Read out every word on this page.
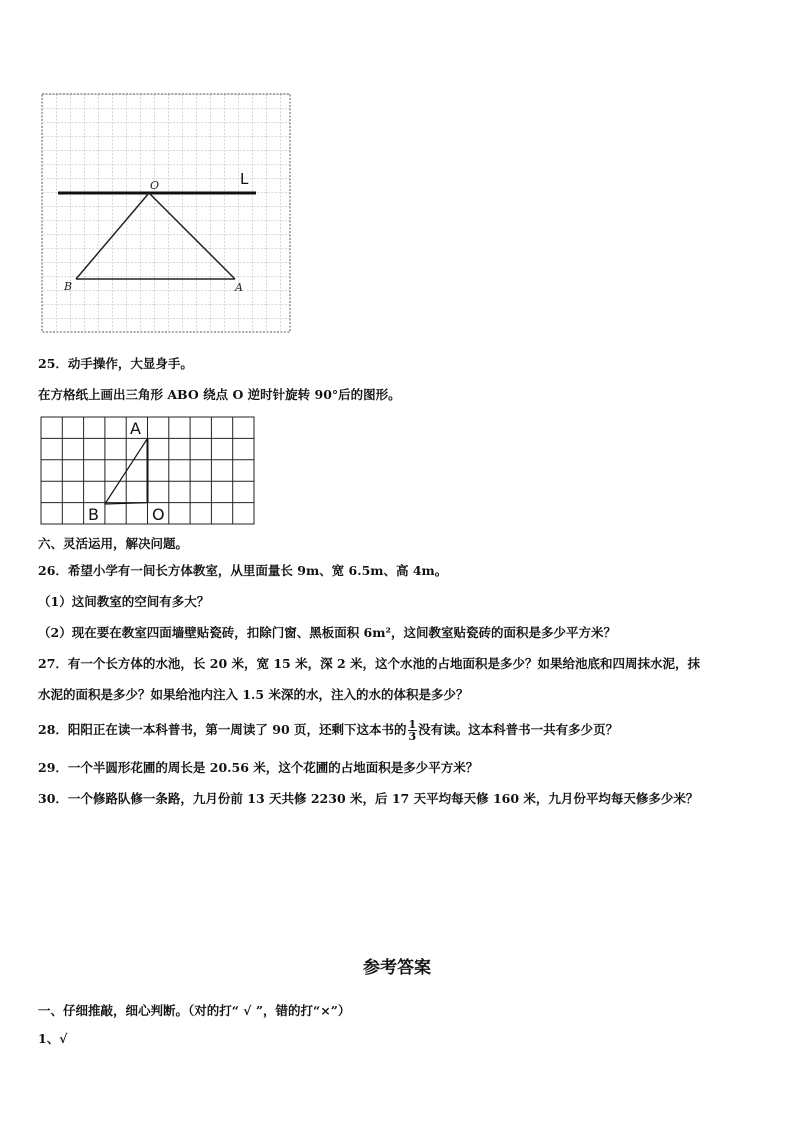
O	L
B	A
25．动手操作，大显身手。
在方格纸上画出三角形 ABO 绕点 O 逆时针旋转 90°后的图形。
A
B	O
六、灵活运用，解决问题。
26．希望小学有一间长方体教室，从里面量长 9m、宽 6.5m、高 4m。
（1）这间教室的空间有多大？
（2）现在要在教室四面墙壁贴瓷砖，扣除门窗、黑板面积 6m²，这间教室贴瓷砖的面积是多少平方米？
27．有一个长方体的水池，长 20 米，宽 15 米，深 2 米，这个水池的占地面积是多少？如果给池底和四周抹水泥，抹
水泥的面积是多少？如果给池内注入 1.5 米深的水，注入的水的体积是多少？
28．阳阳正在读一本科普书，第一周读了 90 页，还剩下这本书的 $\frac{1}{3}$ 没有读。这本科普书一共有多少页？
29．一个半圆形花圃的周长是 20.56 米，这个花圃的占地面积是多少平方米？
30．一个修路队修一条路，九月份前 13 天共修 2230 米，后 17 天平均每天修 160 米，九月份平均每天修多少米？
参考答案
一、仔细推敲，细心判断。（对的打“ √ ”，错的打“×”）
1、√
